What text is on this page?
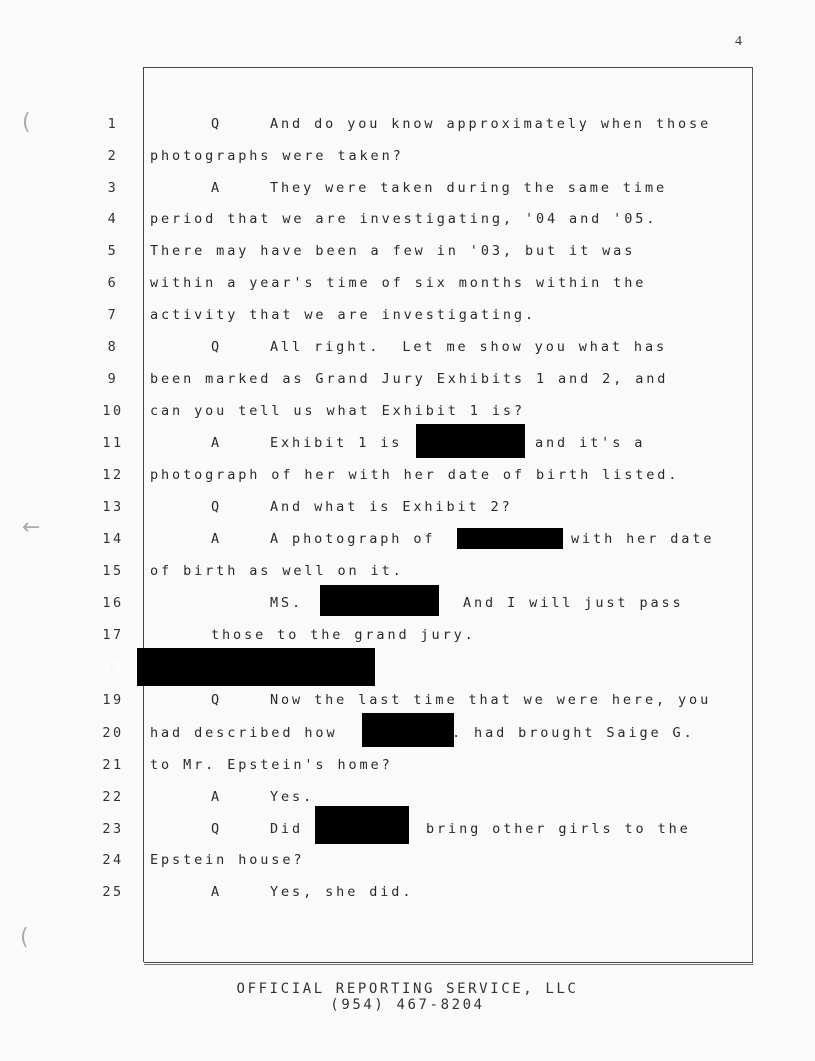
4
(
←
(
1	Q	And do you know approximately when those
2	photographs were taken?
3	A	They were taken during the same time
4	period that we are investigating, '04 and '05.
5	There may have been a few in '03, but it was
6	within a year's time of six months within the
7	activity that we are investigating.
8	Q	All right.  Let me show you what has
9	been marked as Grand Jury Exhibits 1 and 2, and
10	can you tell us what Exhibit 1 is?
11	A	Exhibit 1 is	and it's a
12	photograph of her with her date of birth listed.
13	Q	And what is Exhibit 2?
14	A	A photograph of	with her date
15	of birth as well on it.
16	MS.	And I will just pass
17	those to the grand jury.
18
19	Q	Now the last time that we were here, you
20	had described how	. had brought Saige G.
21	to Mr. Epstein's home?
22	A	Yes.
23	Q	Did	bring other girls to the
24	Epstein house?
25	A	Yes, she did.
OFFICIAL REPORTING SERVICE, LLC
(954) 467-8204
